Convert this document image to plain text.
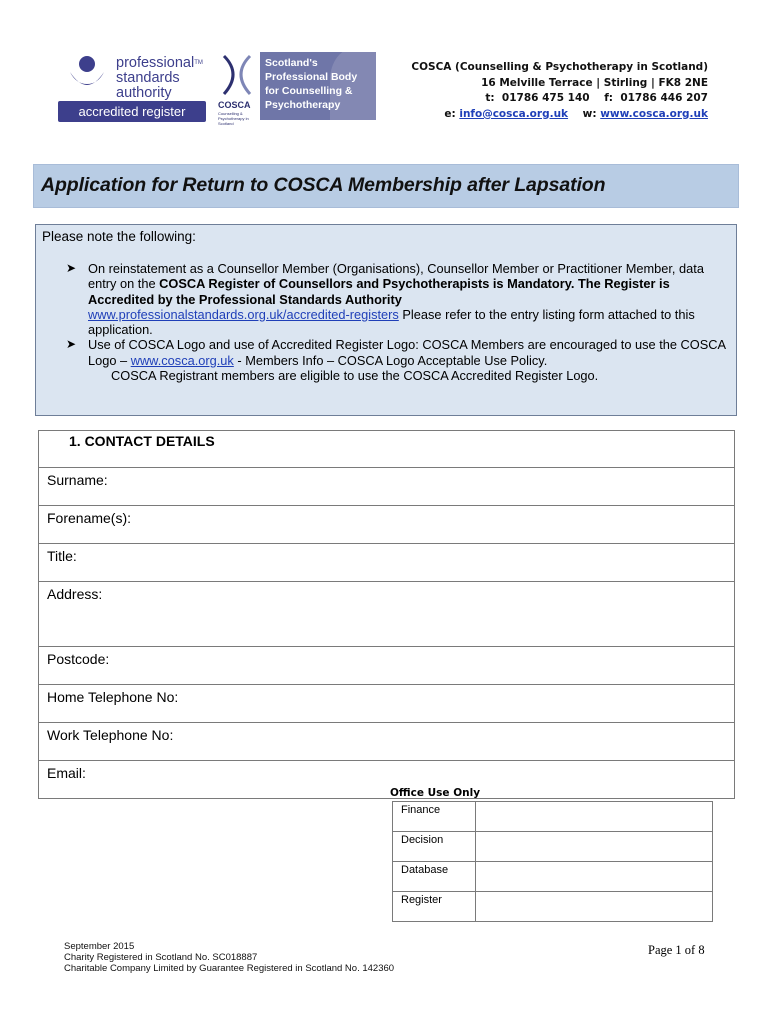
professional™
standards
authority
accredited register	COSCA
Counselling & Psychotherapy in Scotland
Scotland's
Professional Body
for Counselling &
Psychotherapy
COSCA (Counselling & Psychotherapy in Scotland)
16 Melville Terrace | Stirling | FK8 2NE
t: 01786 475 140 f: 01786 446 207
e: info@cosca.org.uk w: www.cosca.org.uk
Application for Return to COSCA Membership after Lapsation
Please note the following:
➤ On reinstatement as a Counsellor Member (Organisations), Counsellor Member or Practitioner Member, data entry on the COSCA Register of Counsellors and Psychotherapists is Mandatory. The Register is Accredited by the Professional Standards Authority
www.professionalstandards.org.uk/accredited-registers Please refer to the entry listing form attached to this application.
➤ Use of COSCA Logo and use of Accredited Register Logo: COSCA Members are encouraged to use the COSCA Logo – www.cosca.org.uk - Members Info – COSCA Logo Acceptable Use Policy.
COSCA Registrant members are eligible to use the COSCA Accredited Register Logo.
1. CONTACT DETAILS
Surname:
Forename(s):
Title:
Address:
Postcode:
Home Telephone No:
Work Telephone No:
Email:
Office Use Only
Finance	
Decision	
Database	
Register	
September 2015
Charity Registered in Scotland No. SC018887
Charitable Company Limited by Guarantee Registered in Scotland No. 142360
Page 1 of 8
